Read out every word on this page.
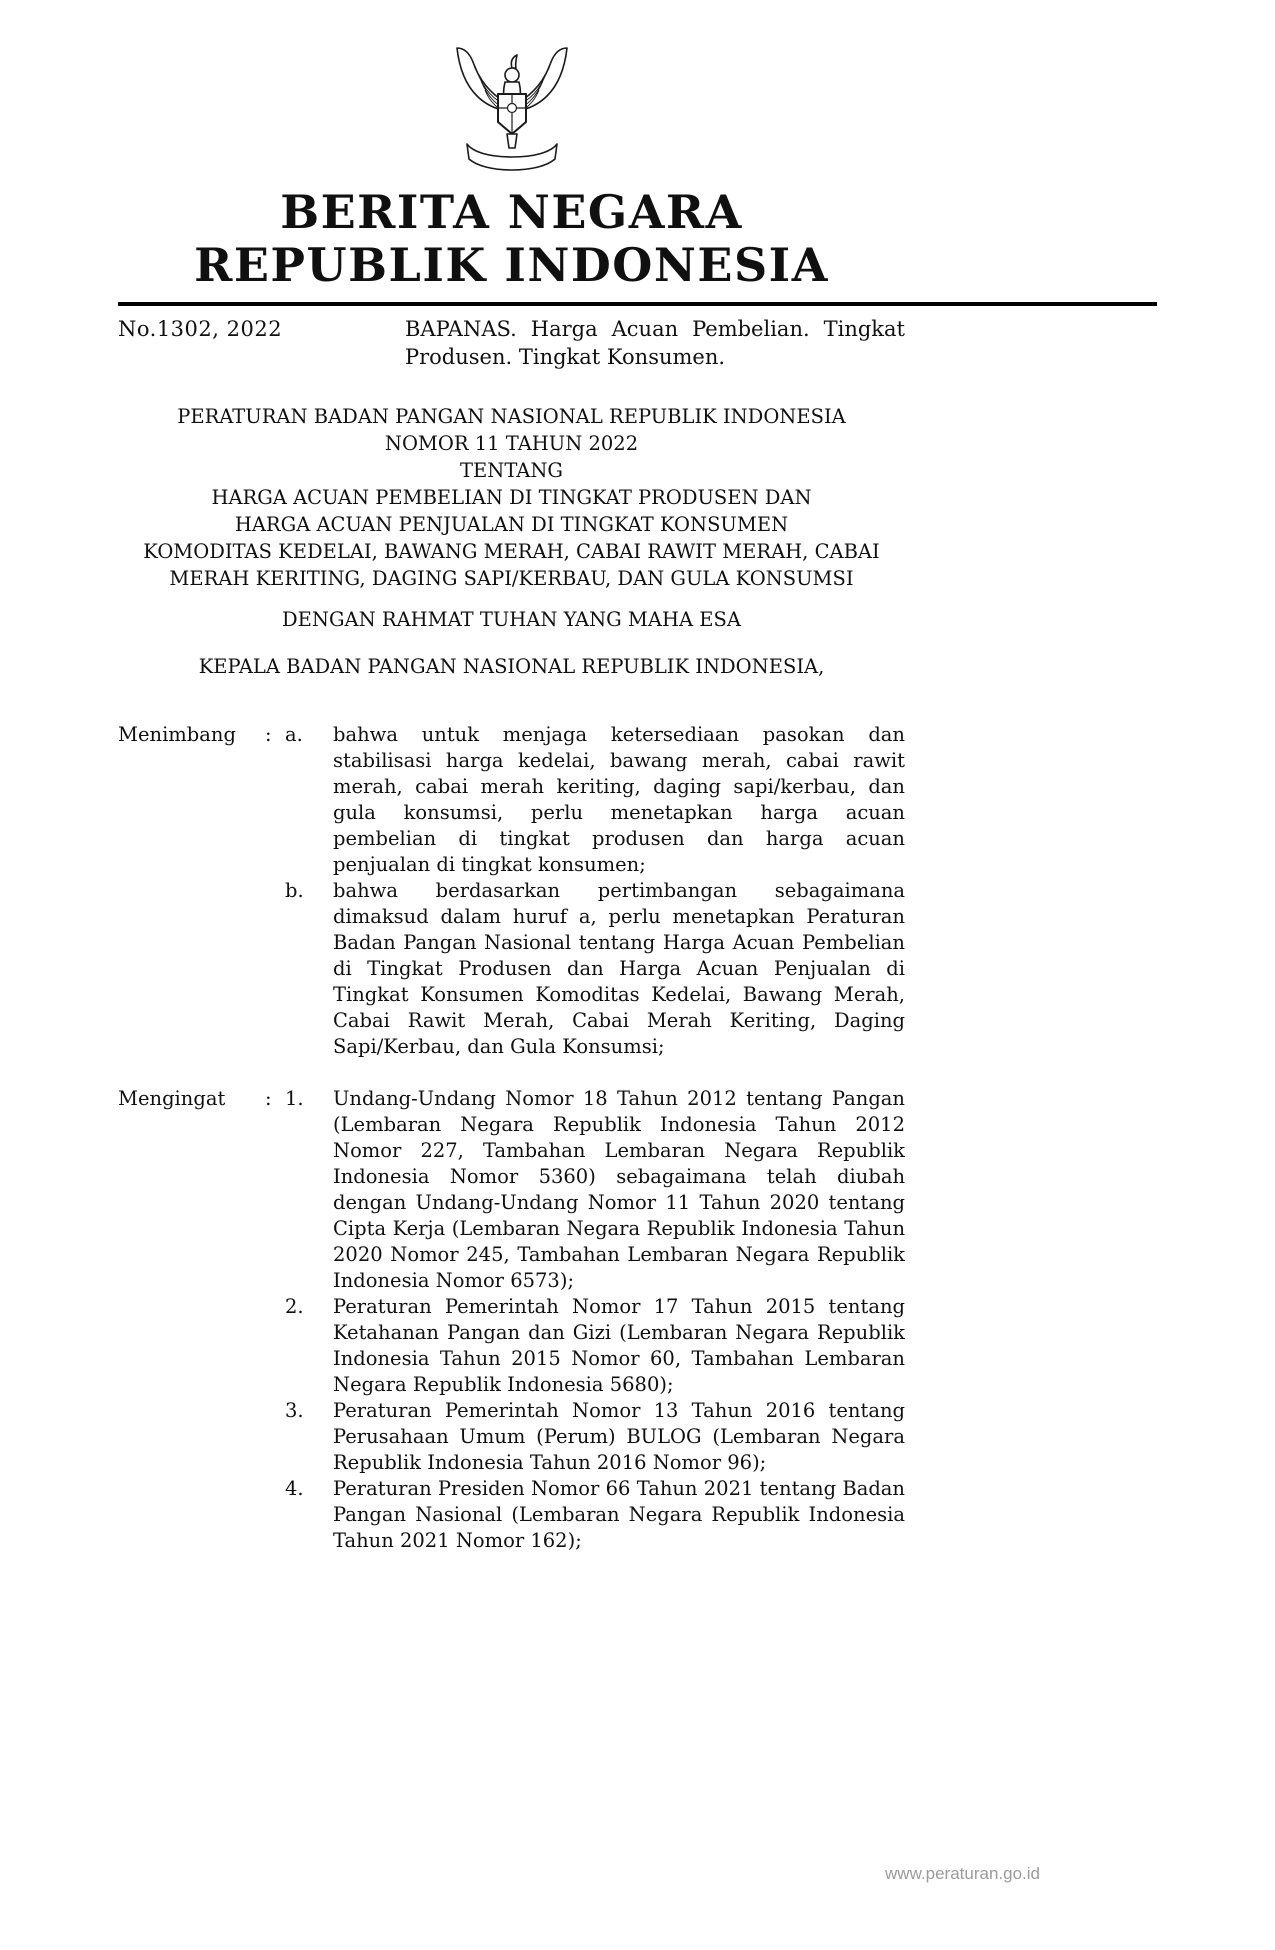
BERITA NEGARA
REPUBLIK INDONESIA
No.1302, 2022	BAPANAS. Harga Acuan Pembelian. Tingkat Produsen. Tingkat Konsumen.
PERATURAN BADAN PANGAN NASIONAL REPUBLIK INDONESIA
NOMOR 11 TAHUN 2022
TENTANG
HARGA ACUAN PEMBELIAN DI TINGKAT PRODUSEN DAN
HARGA ACUAN PENJUALAN DI TINGKAT KONSUMEN
KOMODITAS KEDELAI, BAWANG MERAH, CABAI RAWIT MERAH, CABAI
MERAH KERITING, DAGING SAPI/KERBAU, DAN GULA KONSUMSI
DENGAN RAHMAT TUHAN YANG MAHA ESA
KEPALA BADAN PANGAN NASIONAL REPUBLIK INDONESIA,
Menimbang	: a.	bahwa untuk menjaga ketersediaan pasokan dan stabilisasi harga kedelai, bawang merah, cabai rawit merah, cabai merah keriting, daging sapi/kerbau, dan gula konsumsi, perlu menetapkan harga acuan pembelian di tingkat produsen dan harga acuan penjualan di tingkat konsumen;
b.	bahwa berdasarkan pertimbangan sebagaimana dimaksud dalam huruf a, perlu menetapkan Peraturan Badan Pangan Nasional tentang Harga Acuan Pembelian di Tingkat Produsen dan Harga Acuan Penjualan di Tingkat Konsumen Komoditas Kedelai, Bawang Merah, Cabai Rawit Merah, Cabai Merah Keriting, Daging Sapi/Kerbau, dan Gula Konsumsi;
Mengingat	: 1.	Undang-Undang Nomor 18 Tahun 2012 tentang Pangan (Lembaran Negara Republik Indonesia Tahun 2012 Nomor 227, Tambahan Lembaran Negara Republik Indonesia Nomor 5360) sebagaimana telah diubah dengan Undang-Undang Nomor 11 Tahun 2020 tentang Cipta Kerja (Lembaran Negara Republik Indonesia Tahun 2020 Nomor 245, Tambahan Lembaran Negara Republik Indonesia Nomor 6573);
2.	Peraturan Pemerintah Nomor 17 Tahun 2015 tentang Ketahanan Pangan dan Gizi (Lembaran Negara Republik Indonesia Tahun 2015 Nomor 60, Tambahan Lembaran Negara Republik Indonesia 5680);
3.	Peraturan Pemerintah Nomor 13 Tahun 2016 tentang Perusahaan Umum (Perum) BULOG (Lembaran Negara Republik Indonesia Tahun 2016 Nomor 96);
4.	Peraturan Presiden Nomor 66 Tahun 2021 tentang Badan Pangan Nasional (Lembaran Negara Republik Indonesia Tahun 2021 Nomor 162);
www.peraturan.go.id
